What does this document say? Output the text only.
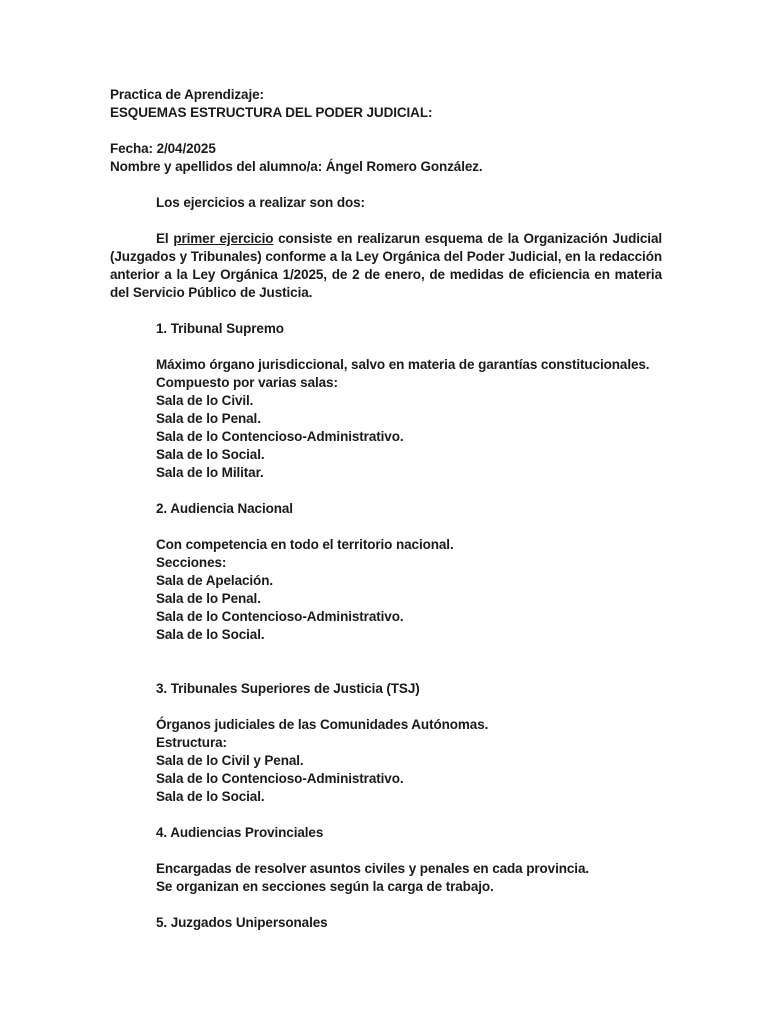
Practica de Aprendizaje:
ESQUEMAS ESTRUCTURA DEL PODER JUDICIAL:
Fecha: 2/04/2025
Nombre y apellidos del alumno/a: Ángel Romero González.
Los ejercicios a realizar son dos:
El primer ejercicio consiste en realizarun esquema de la Organización Judicial (Juzgados y Tribunales) conforme a la Ley Orgánica del Poder Judicial, en la redacción anterior a la Ley Orgánica 1/2025, de 2 de enero, de medidas de eficiencia en materia del Servicio Público de Justicia.
1. Tribunal Supremo
Máximo órgano jurisdiccional, salvo en materia de garantías constitucionales.
Compuesto por varias salas:
Sala de lo Civil.
Sala de lo Penal.
Sala de lo Contencioso-Administrativo.
Sala de lo Social.
Sala de lo Militar.
2. Audiencia Nacional
Con competencia en todo el territorio nacional.
Secciones:
Sala de Apelación.
Sala de lo Penal.
Sala de lo Contencioso-Administrativo.
Sala de lo Social.
3. Tribunales Superiores de Justicia (TSJ)
Órganos judiciales de las Comunidades Autónomas.
Estructura:
Sala de lo Civil y Penal.
Sala de lo Contencioso-Administrativo.
Sala de lo Social.
4. Audiencias Provinciales
Encargadas de resolver asuntos civiles y penales en cada provincia.
Se organizan en secciones según la carga de trabajo.
5. Juzgados Unipersonales
